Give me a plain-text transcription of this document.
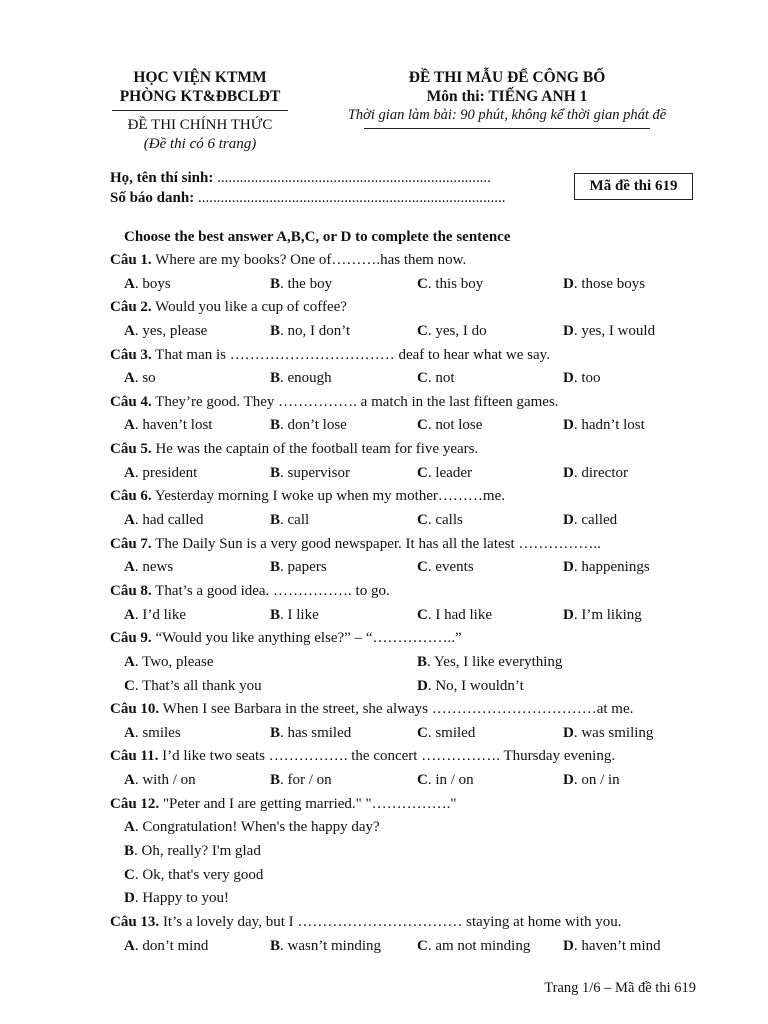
HỌC VIỆN KTMM
PHÒNG KT&ĐBCLĐT
ĐỀ THI CHÍNH THỨC
(Đề thi có 6 trang)
ĐỀ THI MẪU ĐỂ CÔNG BỐ
Môn thi: TIẾNG ANH 1
Thời gian làm bài: 90 phút, không kể thời gian phát đề
Họ, tên thí sinh: .........................................................................
Số báo danh: ..................................................................................
Mã đề thi 619
Choose the best answer A,B,C, or D to complete the sentence
Câu 1. Where are my books? One of……….has them now.
A. boys	B. the boy	C. this boy	D. those boys
Câu 2. Would you like a cup of coffee?
A. yes, please	B. no, I don’t	C. yes, I do	D. yes, I would
Câu 3. That man is …………………………… deaf to hear what we say.
A. so	B. enough	C. not	D. too
Câu 4. They’re good. They ……………. a match in the last fifteen games.
A. haven’t lost	B. don’t lose	C. not lose	D. hadn’t lost
Câu 5. He was the captain of the football team for five years.
A. president	B. supervisor	C. leader	D. director
Câu 6. Yesterday morning I woke up when my mother………me.
A. had called	B. call	C. calls	D. called
Câu 7. The Daily Sun is a very good newspaper. It has all the latest ……………..
A. news	B. papers	C. events	D. happenings
Câu 8. That’s a good idea. ……………. to go.
A. I’d like	B. I like	C. I had like	D. I’m liking
Câu 9. “Would you like anything else?” – “……………..”
A. Two, please	B. Yes, I like everything
C. That’s all thank you	D. No, I wouldn’t
Câu 10. When I see Barbara in the street, she always ……………………………at me.
A. smiles	B. has smiled	C. smiled	D. was smiling
Câu 11. I’d like two seats ……………. the concert ……………. Thursday evening.
A. with / on	B. for / on	C. in / on	D. on / in
Câu 12. "Peter and I are getting married." "……………."
A. Congratulation! When's the happy day?
B. Oh, really? I'm glad
C. Ok, that's very good
D. Happy to you!
Câu 13. It’s a lovely day, but I …………………………… staying at home with you.
A. don’t mind	B. wasn’t minding C. am not minding D. haven’t mind
Trang 1/6 – Mã đề thi 619
